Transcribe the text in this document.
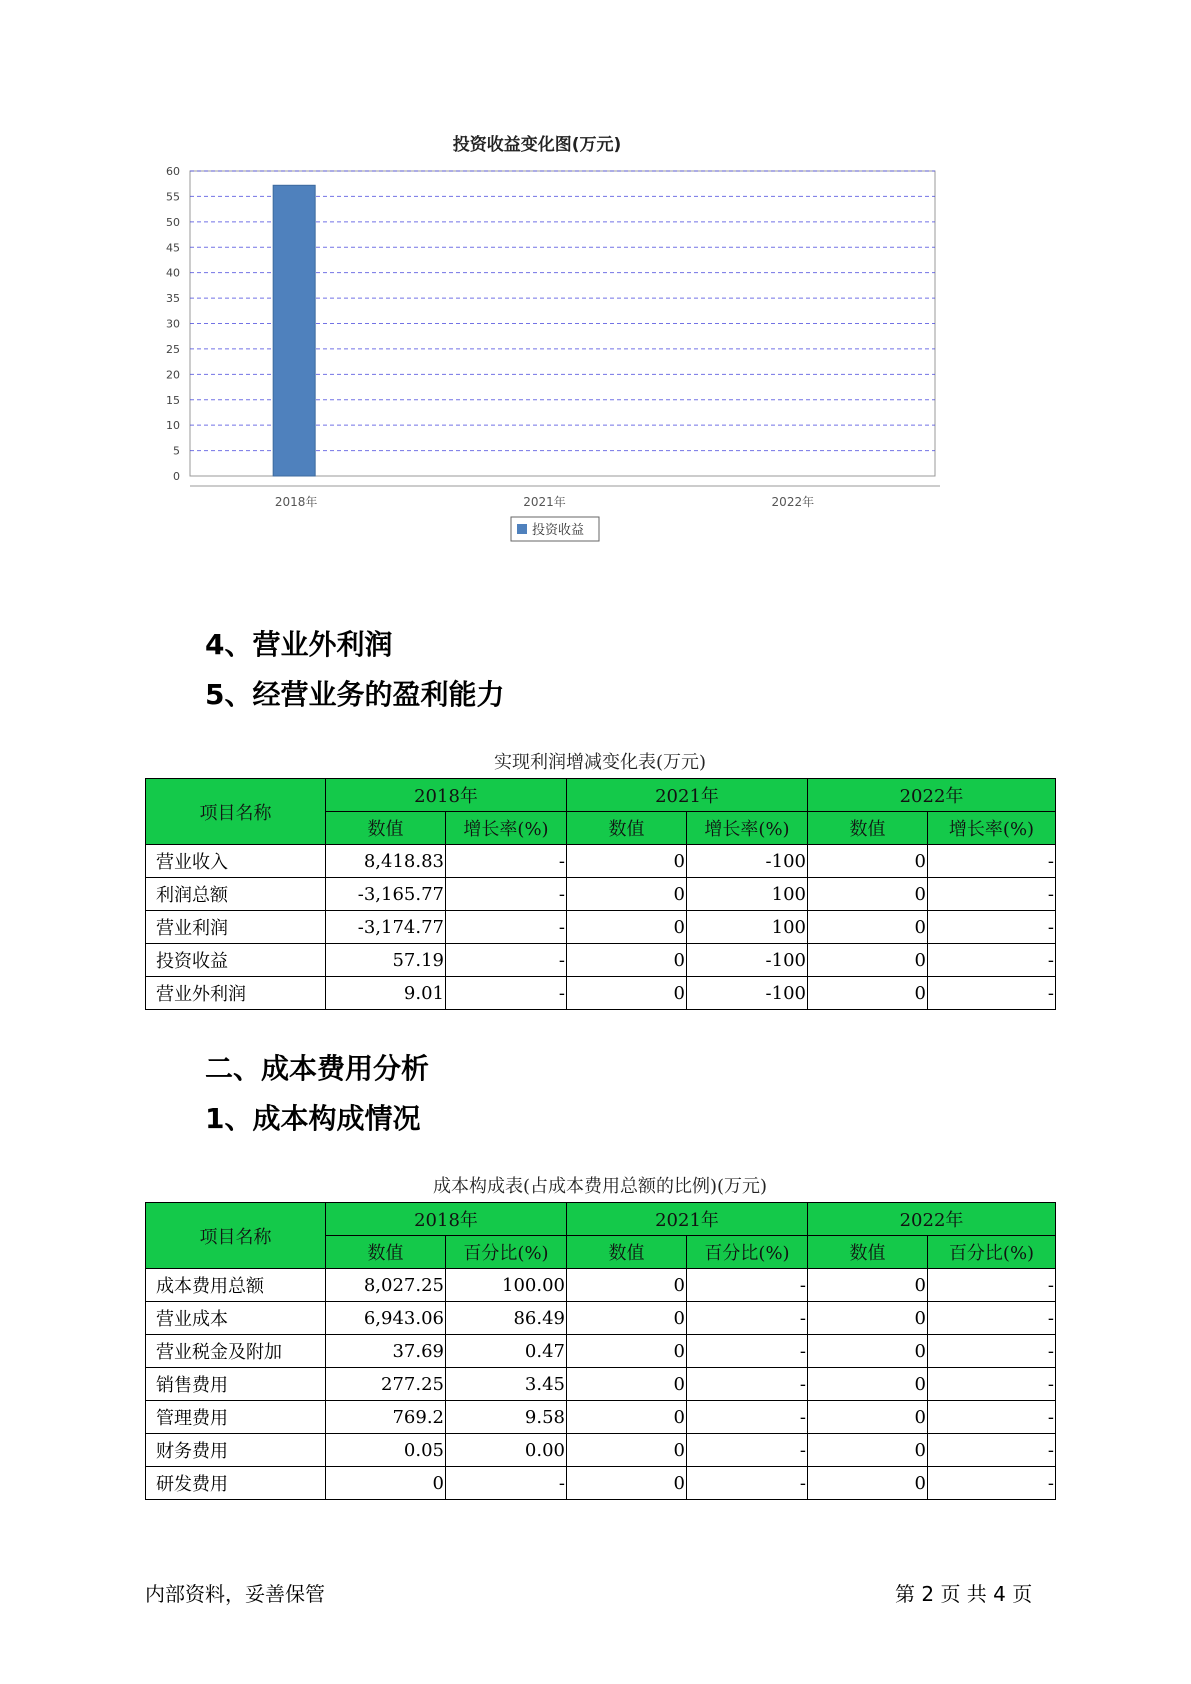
投资收益变化图(万元)
0
5
10
15
20
25
30
35
40
45
50
55
60
2018年	2021年	2022年
投资收益
4、营业外利润
5、经营业务的盈利能力
实现利润增减变化表(万元)
项目名称	2018年		2021年		2022年	
	数值	增长率(%)	数值	增长率(%)	数值	增长率(%)
营业收入	8,418.83	-	0	-100	0	-
利润总额	-3,165.77	-	0	100	0	-
营业利润	-3,174.77	-	0	100	0	-
投资收益	57.19	-	0	-100	0	-
营业外利润	9.01	-	0	-100	0	-
二、成本费用分析
1、成本构成情况
成本构成表(占成本费用总额的比例)(万元)
项目名称	2018年		2021年		2022年	
	数值	百分比(%)	数值	百分比(%)	数值	百分比(%)
成本费用总额	8,027.25	100.00	0	-	0	-
营业成本	6,943.06	86.49	0	-	0	-
营业税金及附加	37.69	0.47	0	-	0	-
销售费用	277.25	3.45	0	-	0	-
管理费用	769.2	9.58	0	-	0	-
财务费用	0.05	0.00	0	-	0	-
研发费用	0	-	0	-	0	-
内部资料，妥善保管	第 2 页 共 4 页
